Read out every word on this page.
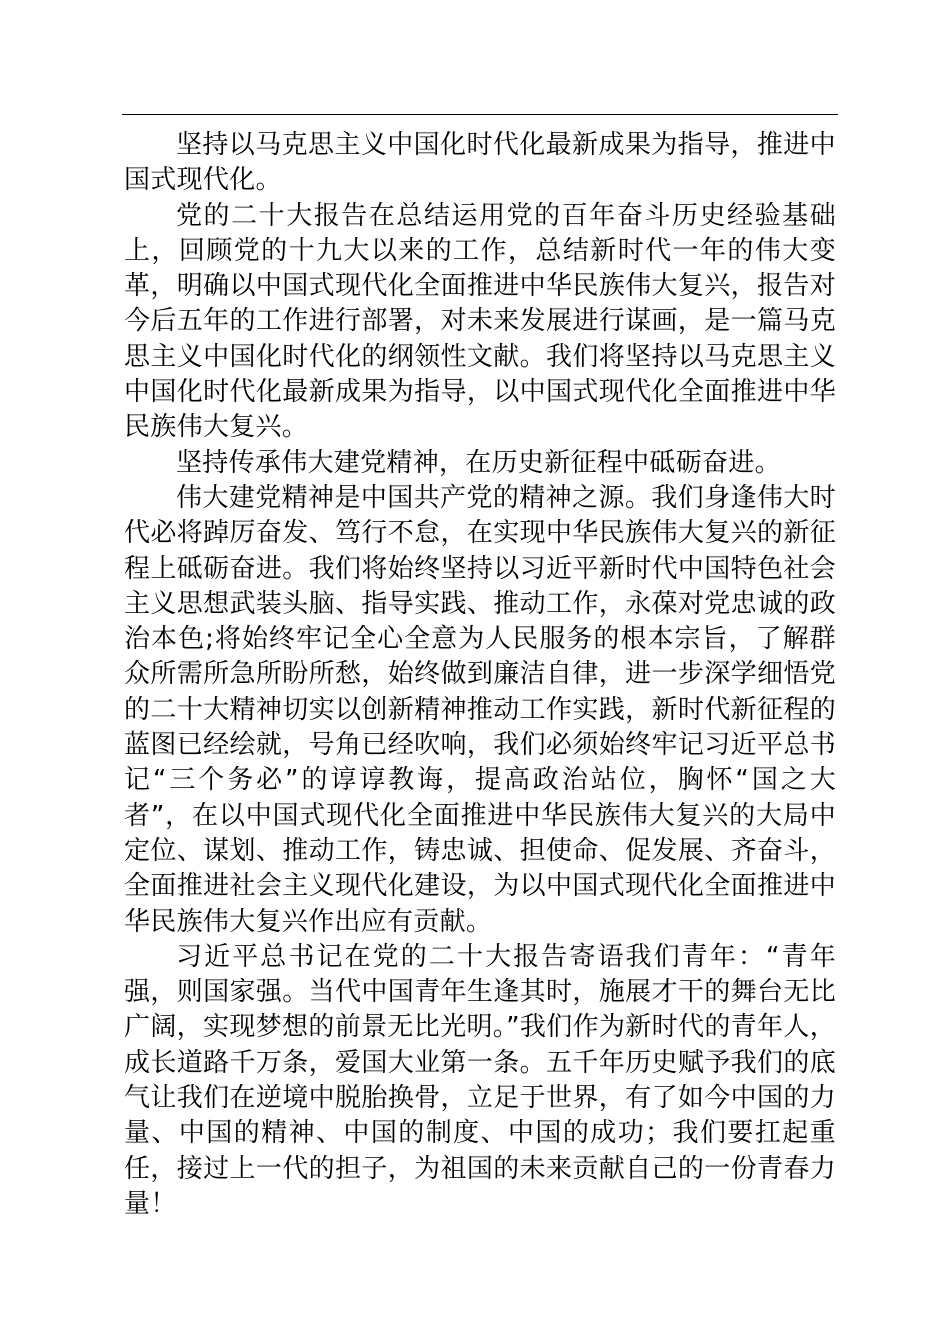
坚持以马克思主义中国化时代化最新成果为指导，推进中国式现代化。

党的二十大报告在总结运用党的百年奋斗历史经验基础上，回顾党的十九大以来的工作，总结新时代一年的伟大变革，明确以中国式现代化全面推进中华民族伟大复兴，报告对今后五年的工作进行部署，对未来发展进行谋画，是一篇马克思主义中国化时代化的纲领性文献。我们将坚持以马克思主义中国化时代化最新成果为指导，以中国式现代化全面推进中华民族伟大复兴。

坚持传承伟大建党精神，在历史新征程中砥砺奋进。

伟大建党精神是中国共产党的精神之源。我们身逢伟大时代必将踔厉奋发、笃行不怠，在实现中华民族伟大复兴的新征程上砥砺奋进。我们将始终坚持以习近平新时代中国特色社会主义思想武装头脑、指导实践、推动工作，永葆对党忠诚的政治本色;将始终牢记全心全意为人民服务的根本宗旨，了解群众所需所急所盼所愁，始终做到廉洁自律，进一步深学细悟党的二十大精神切实以创新精神推动工作实践，新时代新征程的蓝图已经绘就，号角已经吹响，我们必须始终牢记习近平总书记“三个务必”的谆谆教诲，提高政治站位，胸怀“国之大者”，在以中国式现代化全面推进中华民族伟大复兴的大局中定位、谋划、推动工作，铸忠诚、担使命、促发展、齐奋斗，全面推进社会主义现代化建设，为以中国式现代化全面推进中华民族伟大复兴作出应有贡献。

习近平总书记在党的二十大报告寄语我们青年：“青年强，则国家强。当代中国青年生逢其时，施展才干的舞台无比广阔，实现梦想的前景无比光明。”我们作为新时代的青年人，成长道路千万条，爱国大业第一条。五千年历史赋予我们的底气让我们在逆境中脱胎换骨，立足于世界，有了如今中国的力量、中国的精神、中国的制度、中国的成功；我们要扛起重任，接过上一代的担子，为祖国的未来贡献自己的一份青春力量！
